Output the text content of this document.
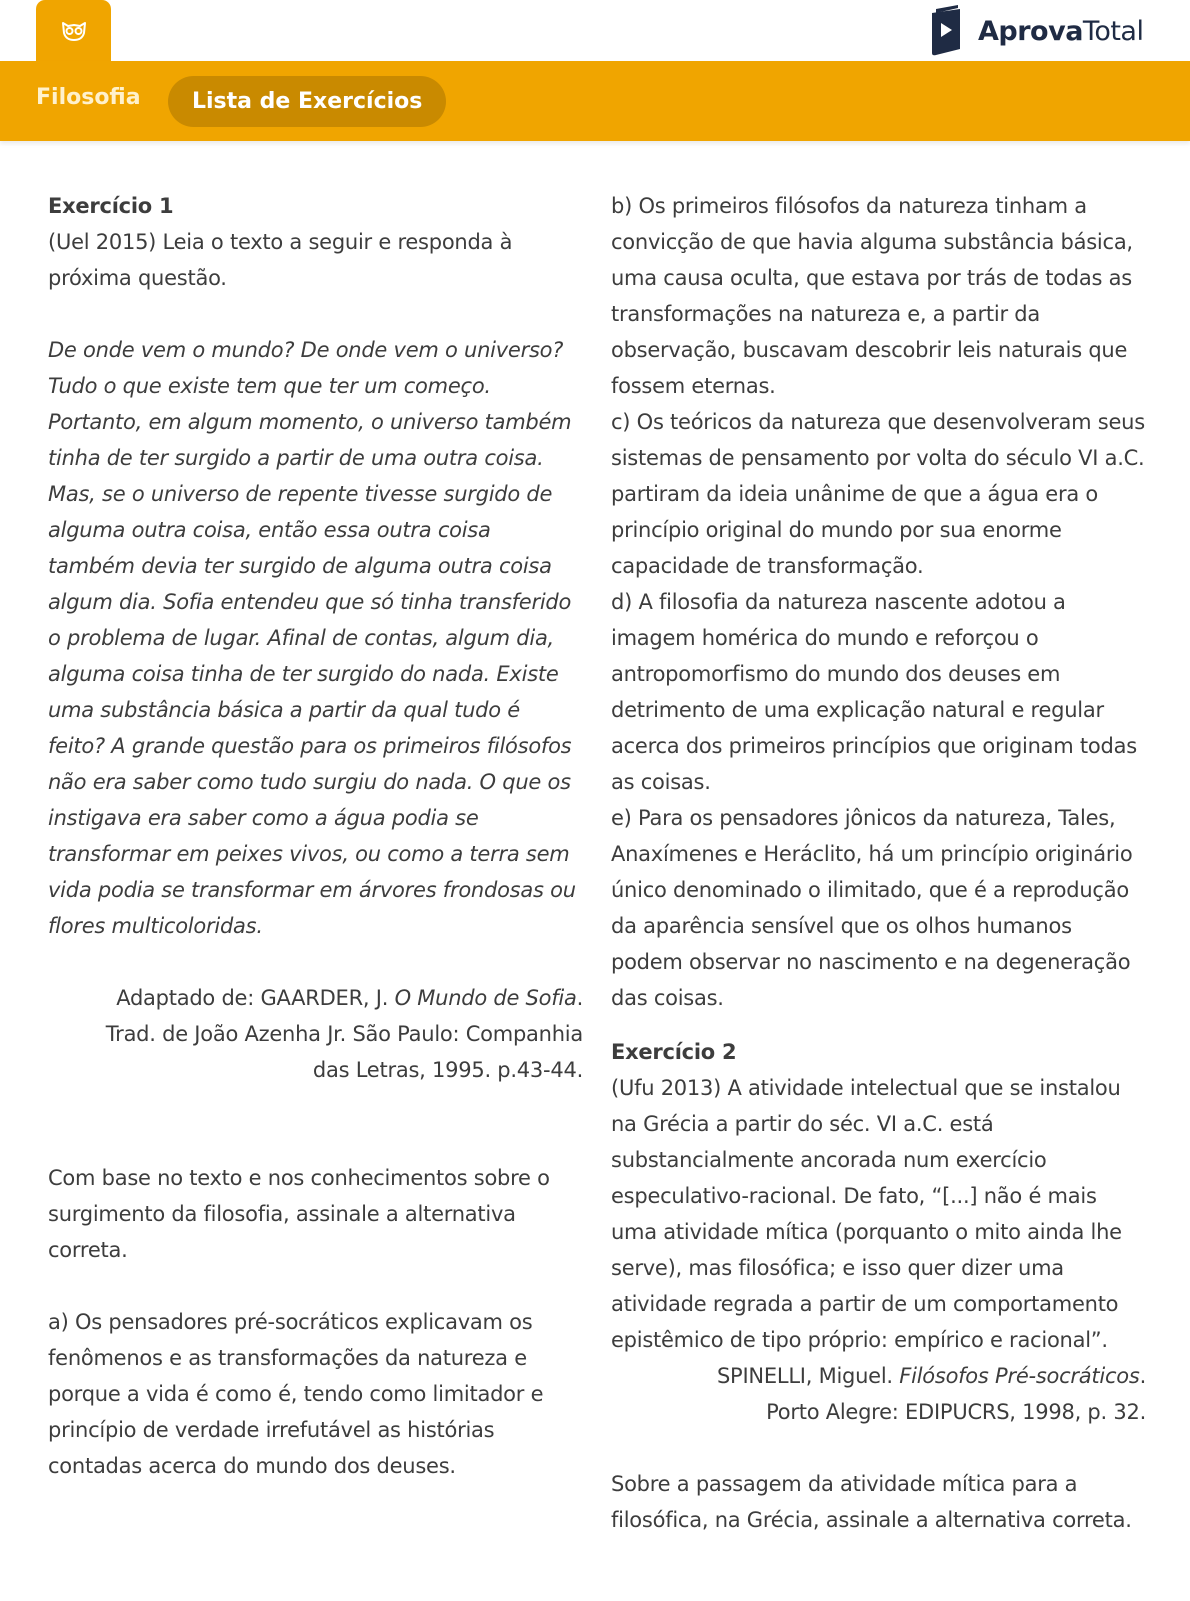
AprovaTotal
Filosofia	Lista de Exercícios

Exercício 1

(Uel 2015) Leia o texto a seguir e responda à próxima questão.

De onde vem o mundo? De onde vem o universo? Tudo o que existe tem que ter um começo. Portanto, em algum momento, o universo também tinha de ter surgido a partir de uma outra coisa. Mas, se o universo de repente tivesse surgido de alguma outra coisa, então essa outra coisa também devia ter surgido de alguma outra coisa algum dia. Sofia entendeu que só tinha transferido o problema de lugar. Afinal de contas, algum dia, alguma coisa tinha de ter surgido do nada. Existe uma substância básica a partir da qual tudo é feito? A grande questão para os primeiros filósofos não era saber como tudo surgiu do nada. O que os instigava era saber como a água podia se transformar em peixes vivos, ou como a terra sem vida podia se transformar em árvores frondosas ou flores multicoloridas.

Adaptado de: GAARDER, J. O Mundo de Sofia. Trad. de João Azenha Jr. São Paulo: Companhia das Letras, 1995. p.43-44.

Com base no texto e nos conhecimentos sobre o surgimento da filosofia, assinale a alternativa correta.

a) Os pensadores pré-socráticos explicavam os fenômenos e as transformações da natureza e porque a vida é como é, tendo como limitador e princípio de verdade irrefutável as histórias contadas acerca do mundo dos deuses.

b) Os primeiros filósofos da natureza tinham a convicção de que havia alguma substância básica, uma causa oculta, que estava por trás de todas as transformações na natureza e, a partir da observação, buscavam descobrir leis naturais que fossem eternas.

c) Os teóricos da natureza que desenvolveram seus sistemas de pensamento por volta do século VI a.C. partiram da ideia unânime de que a água era o princípio original do mundo por sua enorme capacidade de transformação.

d) A filosofia da natureza nascente adotou a imagem homérica do mundo e reforçou o antropomorfismo do mundo dos deuses em detrimento de uma explicação natural e regular acerca dos primeiros princípios que originam todas as coisas.

e) Para os pensadores jônicos da natureza, Tales, Anaxímenes e Heráclito, há um princípio originário único denominado o ilimitado, que é a reprodução da aparência sensível que os olhos humanos podem observar no nascimento e na degeneração das coisas.

Exercício 2

(Ufu 2013) A atividade intelectual que se instalou na Grécia a partir do séc. VI a.C. está substancialmente ancorada num exercício especulativo-racional. De fato, “[...] não é mais uma atividade mítica (porquanto o mito ainda lhe serve), mas filosófica; e isso quer dizer uma atividade regrada a partir de um comportamento epistêmico de tipo próprio: empírico e racional”.

SPINELLI, Miguel. Filósofos Pré-socráticos. Porto Alegre: EDIPUCRS, 1998, p. 32.

Sobre a passagem da atividade mítica para a filosófica, na Grécia, assinale a alternativa correta.
